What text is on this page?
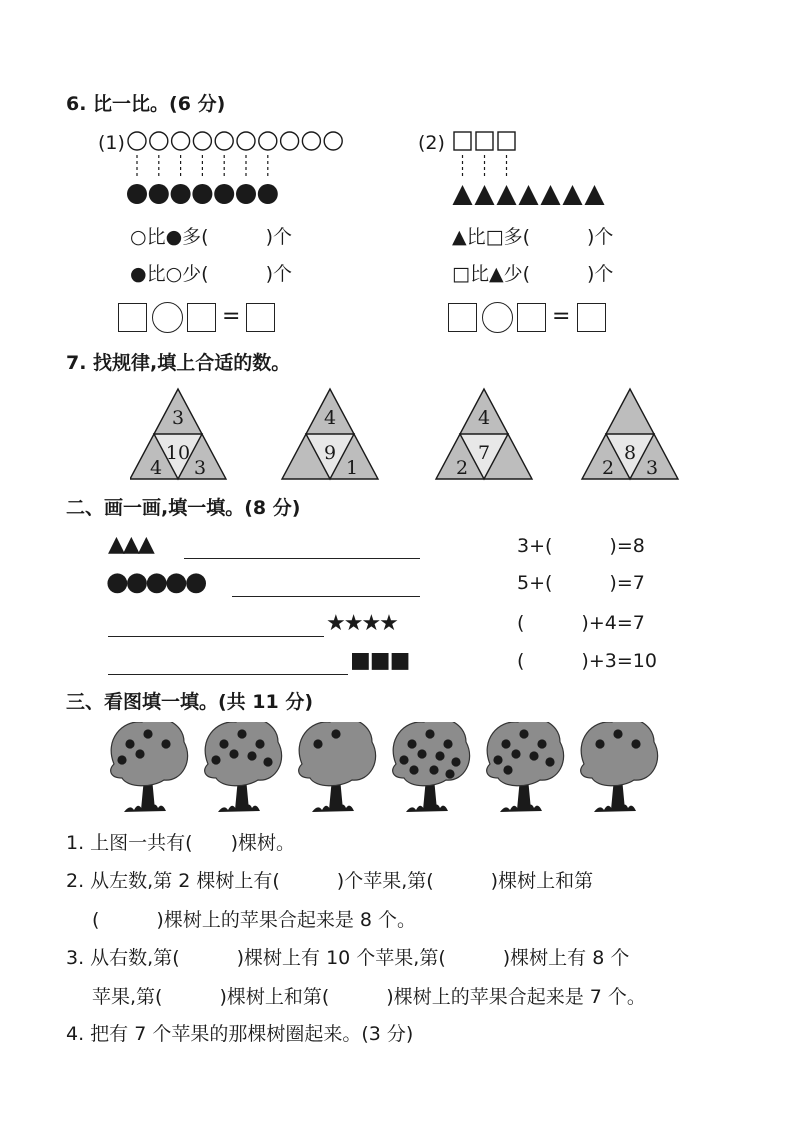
6. 比一比。(6 分)
(1)
○比●多(　　　)个
●比○少(　　　)个
=
(2)
▲比□多(　　　)个
□比▲少(　　　)个
=
7. 找规律,填上合适的数。
3
10
4 3
4
9
1
4
7
2
8
2 3
二、画一画,填一填。(8 分)
▲▲▲	3+(　　　)=8
●●●●●	5+(　　　)=7
★★★★	(　　　)+4=7
■■■	(　　　)+3=10
三、看图填一填。(共 11 分)
1. 上图一共有(　　)棵树。
2. 从左数,第 2 棵树上有(　　　)个苹果,第(　　　)棵树上和第
(　　　)棵树上的苹果合起来是 8 个。
3. 从右数,第(　　　)棵树上有 10 个苹果,第(　　　)棵树上有 8 个
苹果,第(　　　)棵树上和第(　　　)棵树上的苹果合起来是 7 个。
4. 把有 7 个苹果的那棵树圈起来。(3 分)
